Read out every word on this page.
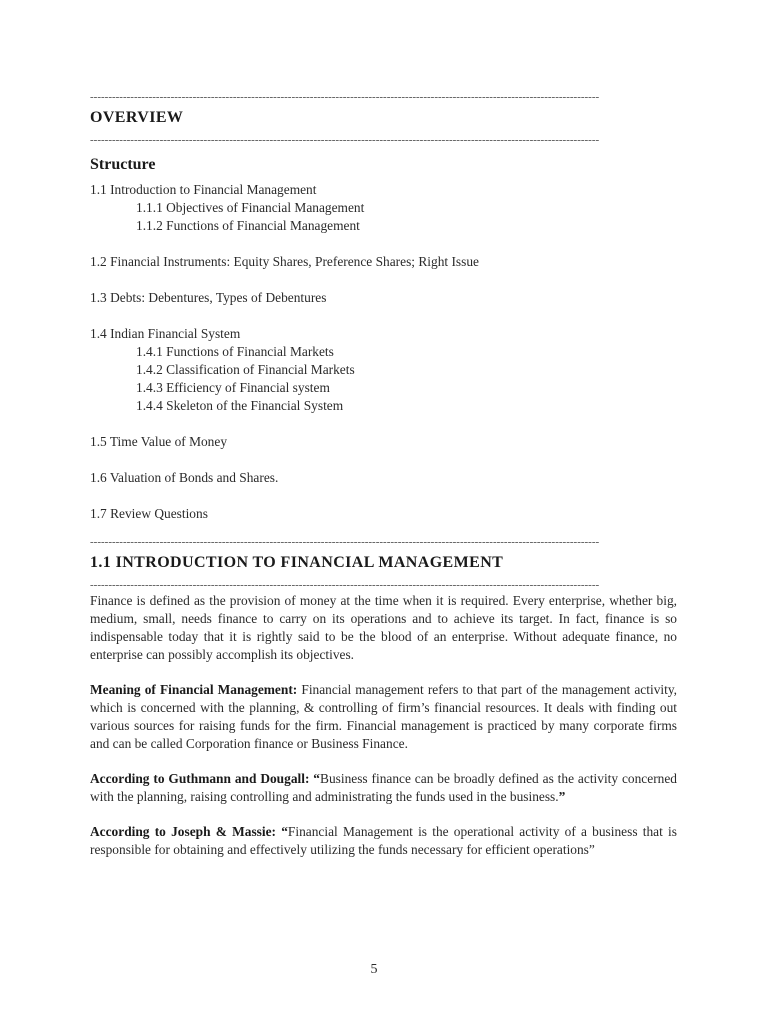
-------------------------------------------------------------------------------------------------------------------------------------------
OVERVIEW
-------------------------------------------------------------------------------------------------------------------------------------------
Structure
1.1 Introduction to Financial Management
1.1.1 Objectives of Financial Management
1.1.2 Functions of Financial Management
1.2 Financial Instruments: Equity Shares, Preference Shares; Right Issue
1.3 Debts: Debentures, Types of Debentures
1.4 Indian Financial System
1.4.1 Functions of Financial Markets
1.4.2 Classification of Financial Markets
1.4.3 Efficiency of Financial system
1.4.4 Skeleton of the Financial System
1.5 Time Value of Money
1.6 Valuation of Bonds and Shares.
1.7 Review Questions
-------------------------------------------------------------------------------------------------------------------------------------------
1.1 INTRODUCTION TO FINANCIAL MANAGEMENT
-------------------------------------------------------------------------------------------------------------------------------------------

Finance is defined as the provision of money at the time when it is required. Every enterprise, whether big, medium, small, needs finance to carry on its operations and to achieve its target. In fact, finance is so indispensable today that it is rightly said to be the blood of an enterprise. Without adequate finance, no enterprise can possibly accomplish its objectives.

Meaning of Financial Management: Financial management refers to that part of the management activity, which is concerned with the planning, & controlling of firm’s financial resources. It deals with finding out various sources for raising funds for the firm. Financial management is practiced by many corporate firms and can be called Corporation finance or Business Finance.

According to Guthmann and Dougall: “Business finance can be broadly defined as the activity concerned with the planning, raising controlling and administrating the funds used in the business.”

According to Joseph & Massie: “Financial Management is the operational activity of a business that is responsible for obtaining and effectively utilizing the funds necessary for efficient operations”

5
